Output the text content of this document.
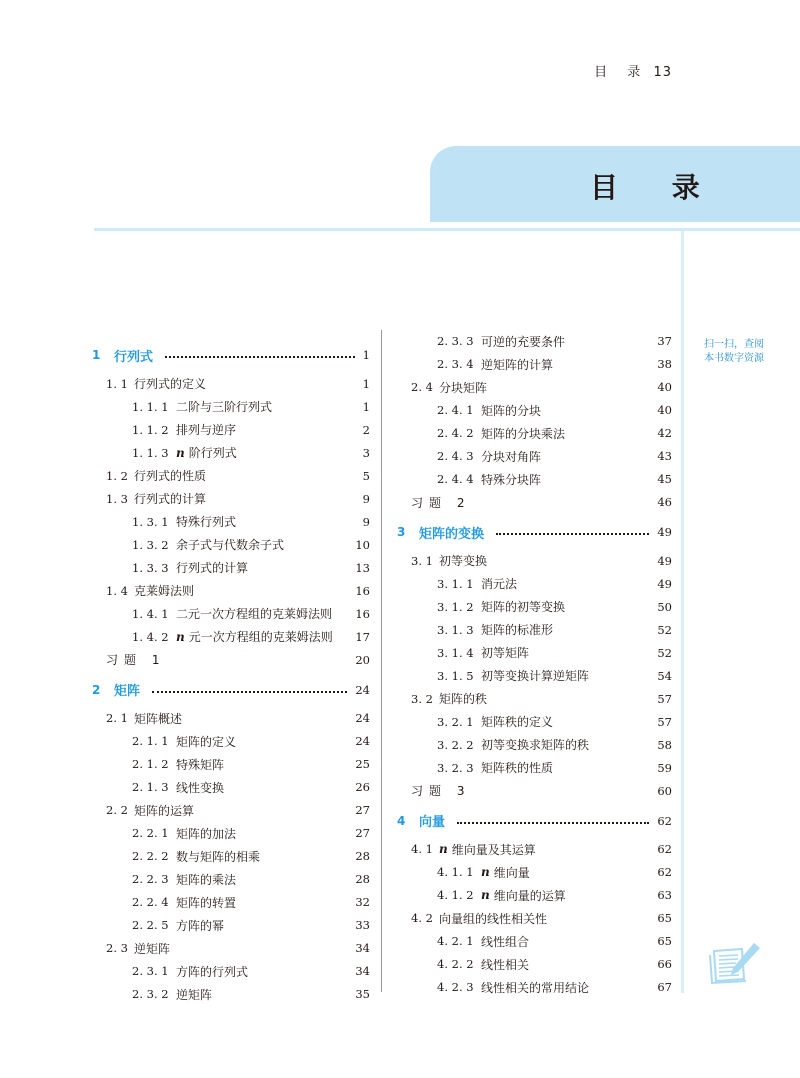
目 录 13
目 录
扫一扫，查阅
本书数字资源
1	行列式	1
1. 1 行列式的定义	1
1. 1. 1 二阶与三阶行列式	1
1. 1. 2 排列与逆序	2
1. 1. 3 n 阶行列式	3
1. 2 行列式的性质	5
1. 3 行列式的计算	9
1. 3. 1 特殊行列式	9
1. 3. 2 余子式与代数余子式	10
1. 3. 3 行列式的计算	13
1. 4 克莱姆法则	16
1. 4. 1 二元一次方程组的克莱姆法则 16
1. 4. 2 n 元一次方程组的克莱姆法则 17
习题 1	20
2	矩阵	24
2. 1 矩阵概述	24
2. 1. 1 矩阵的定义	24
2. 1. 2 特殊矩阵	25
2. 1. 3 线性变换	26
2. 2 矩阵的运算	27
2. 2. 1 矩阵的加法	27
2. 2. 2 数与矩阵的相乘	28
2. 2. 3 矩阵的乘法	28
2. 2. 4 矩阵的转置	32
2. 2. 5 方阵的幂	33
2. 3 逆矩阵	34
2. 3. 1 方阵的行列式	34
2. 3. 2 逆矩阵	35
2. 3. 3 可逆的充要条件	37
2. 3. 4 逆矩阵的计算	38
2. 4 分块矩阵	40
2. 4. 1 矩阵的分块	40
2. 4. 2 矩阵的分块乘法	42
2. 4. 3 分块对角阵	43
2. 4. 4 特殊分块阵	45
习题 2	46
3	矩阵的变换	49
3. 1 初等变换	49
3. 1. 1 消元法	49
3. 1. 2 矩阵的初等变换	50
3. 1. 3 矩阵的标准形	52
3. 1. 4 初等矩阵	52
3. 1. 5 初等变换计算逆矩阵	54
3. 2 矩阵的秩	57
3. 2. 1 矩阵秩的定义	57
3. 2. 2 初等变换求矩阵的秩	58
3. 2. 3 矩阵秩的性质	59
习题 3	60
4	向量	62
4. 1 n 维向量及其运算	62
4. 1. 1 n 维向量	62
4. 1. 2 n 维向量的运算	63
4. 2 向量组的线性相关性	65
4. 2. 1 线性组合	65
4. 2. 2 线性相关	66
4. 2. 3 线性相关的常用结论	67
